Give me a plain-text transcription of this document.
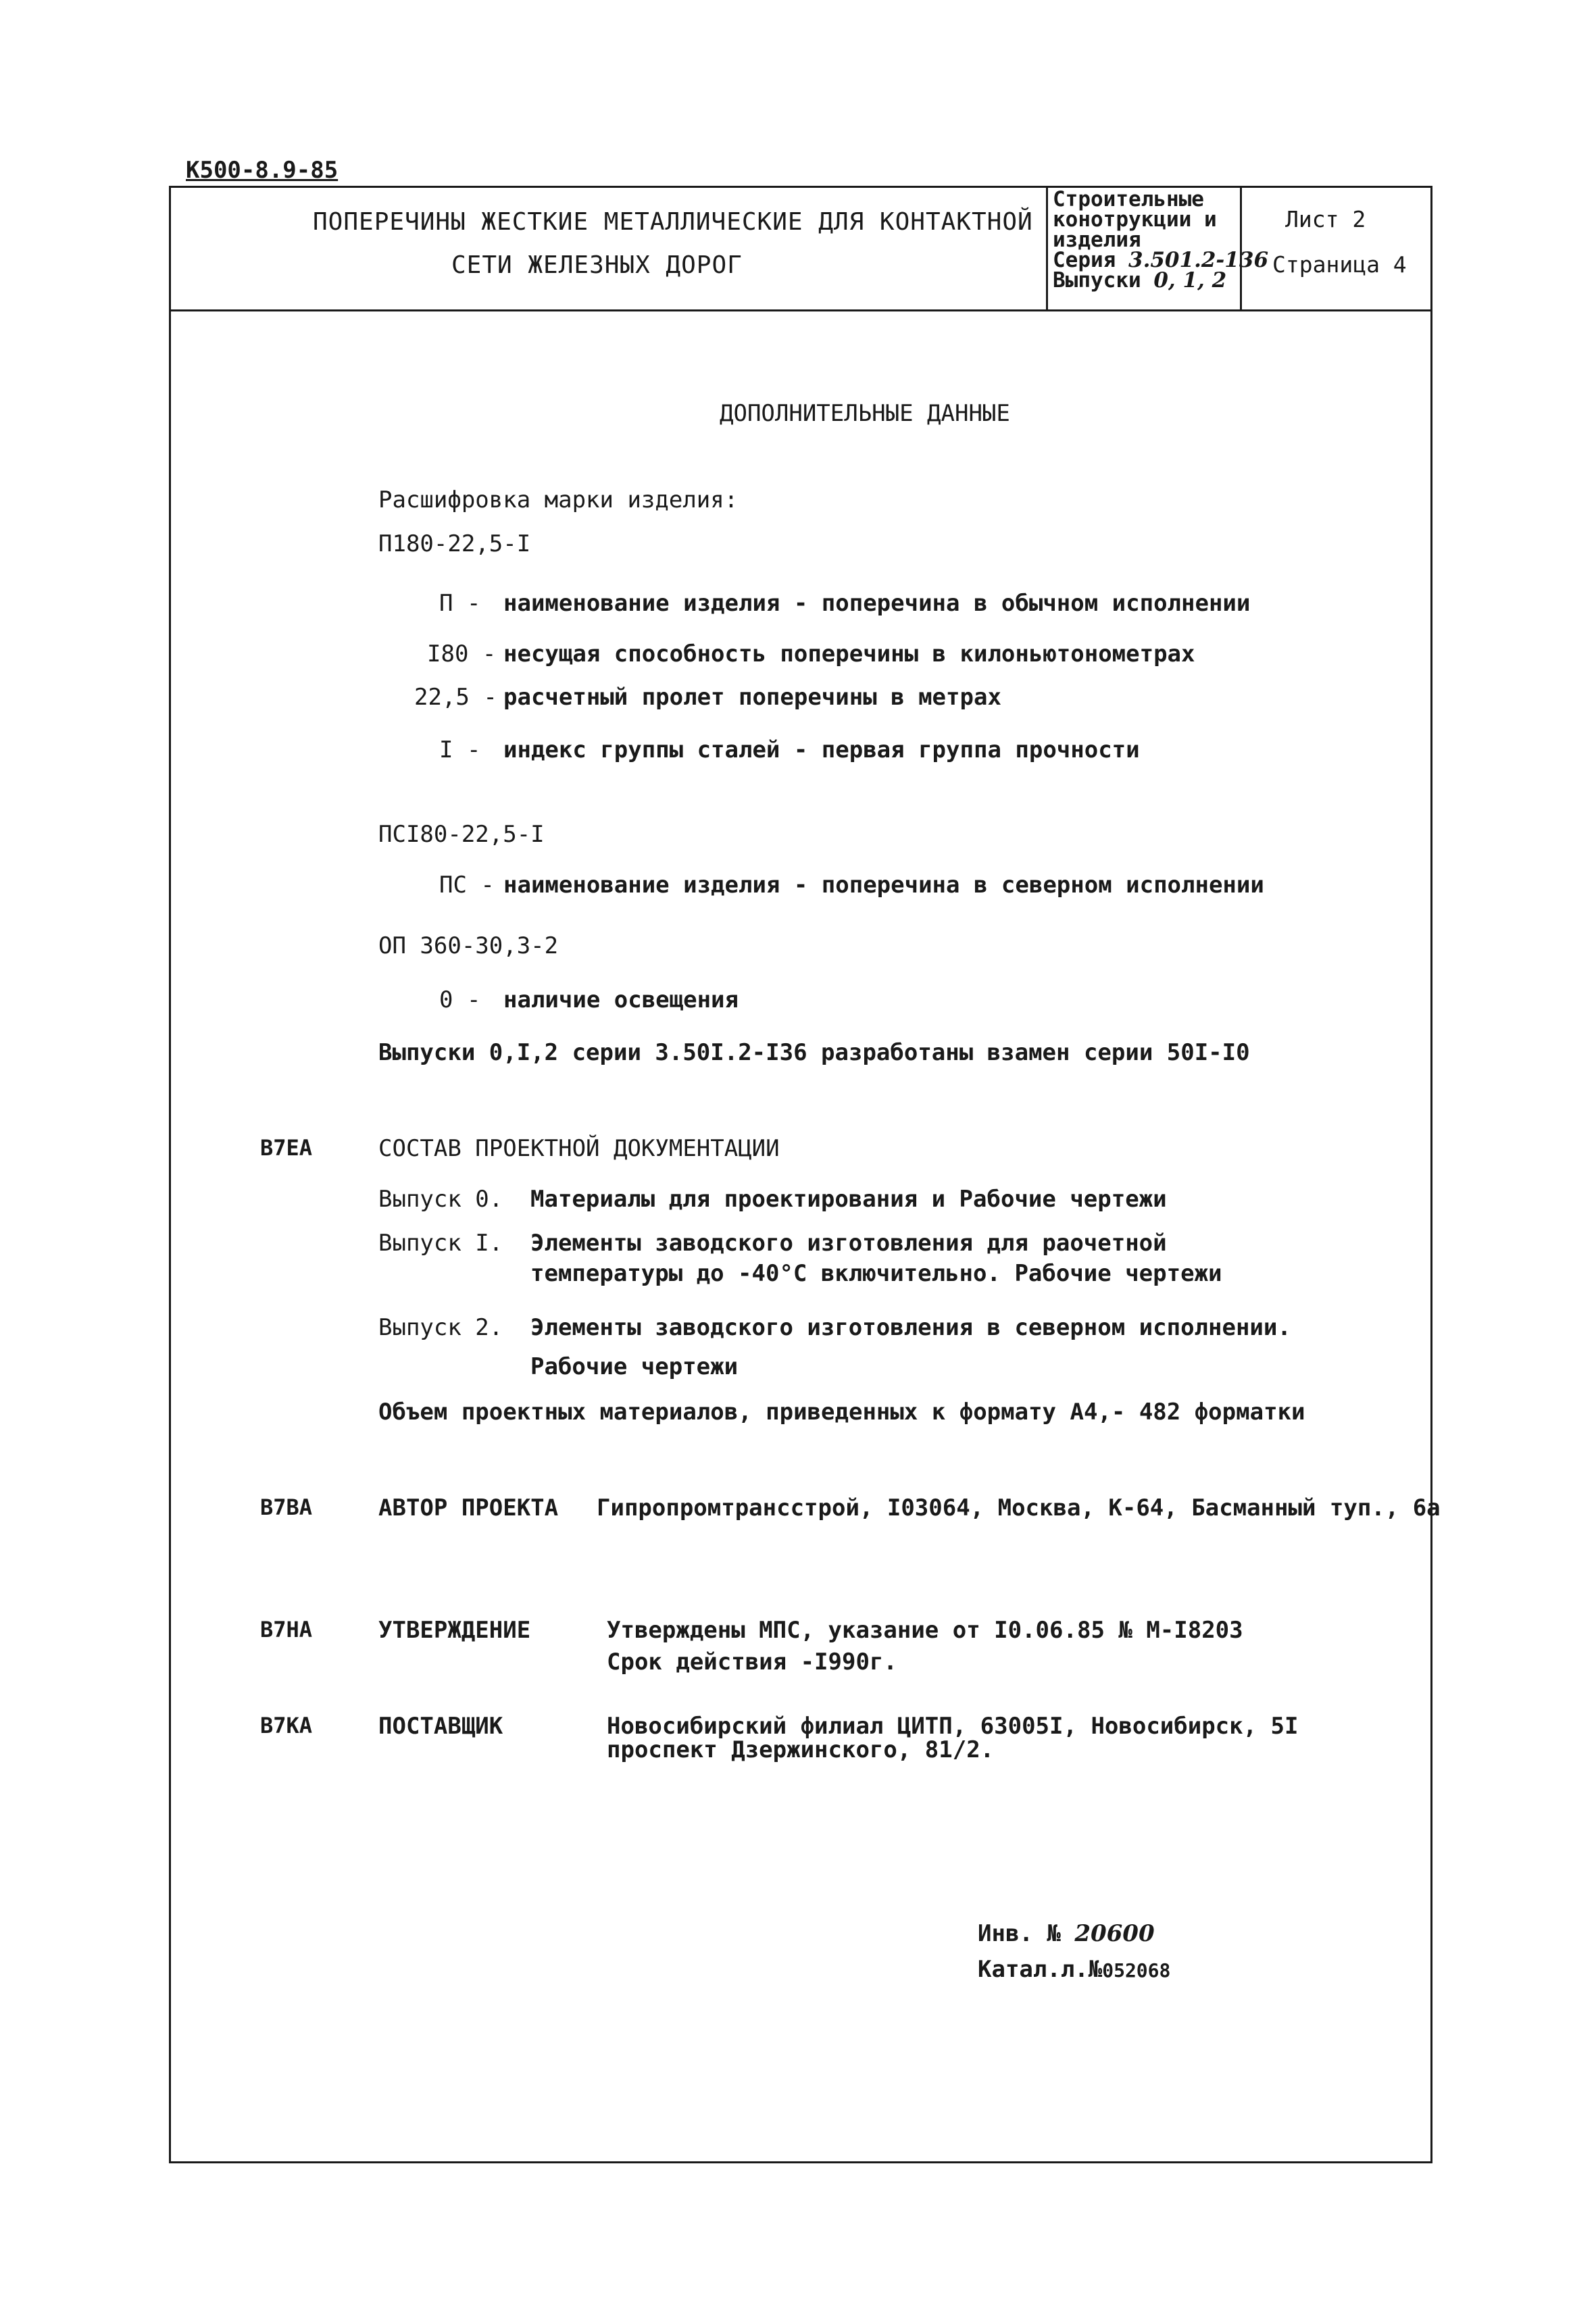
К500-8.9-85
ПОПЕРЕЧИНЫ ЖЕСТКИЕ МЕТАЛЛИЧЕСКИЕ ДЛЯ КОНТАКТНОЙ
СЕТИ ЖЕЛЕЗНЫХ ДОРОГ
Строительные
конотрукции и
изделия
Серия 3.501.2-136
Выпуски 0, 1, 2
Лист 2
Страница 4
ДОПОЛНИТЕЛЬНЫЕ ДАННЫЕ
Расшифровка марки изделия:
П180-22,5-I
П - наименование изделия - поперечина в обычном исполнении
I80 - несущая способность поперечины в килоньютонометрах
22,5 - расчетный пролет поперечины в метрах
I - индекс группы сталей - первая группа прочности
ПСI80-22,5-I
ПС - наименование изделия - поперечина в северном исполнении
ОП 360-30,3-2
0 - наличие освещения
Выпуски 0,I,2 серии 3.50I.2-I36 разработаны взамен серии 50I-I0
В7ЕА	СОСТАВ ПРОЕКТНОЙ ДОКУМЕНТАЦИИ
Выпуск 0. Материалы для проектирования и Рабочие чертежи
Выпуск I. Элементы заводского изготовления для раочетной
температуры до -40°С включительно. Рабочие чертежи
Выпуск 2. Элементы заводского изготовления в северном исполнении.
Рабочие чертежи
Объем проектных материалов, приведенных к формату А4,- 482 форматки
В7ВА	АВТОР ПРОЕКТА Гипропромтрансстрой, I03064, Москва, К-64, Басманный туп., 6а
В7НА	УТВЕРЖДЕНИЕ	Утверждены МПС, указание от I0.06.85 № М-I8203
Срок действия -I990г.
В7КА	ПОСТАВЩИК	Новосибирский филиал ЦИТП, 63005I, Новосибирск, 5I
проспект Дзержинского, 81/2.
Инв. № 20600
Катал.л.№052068
